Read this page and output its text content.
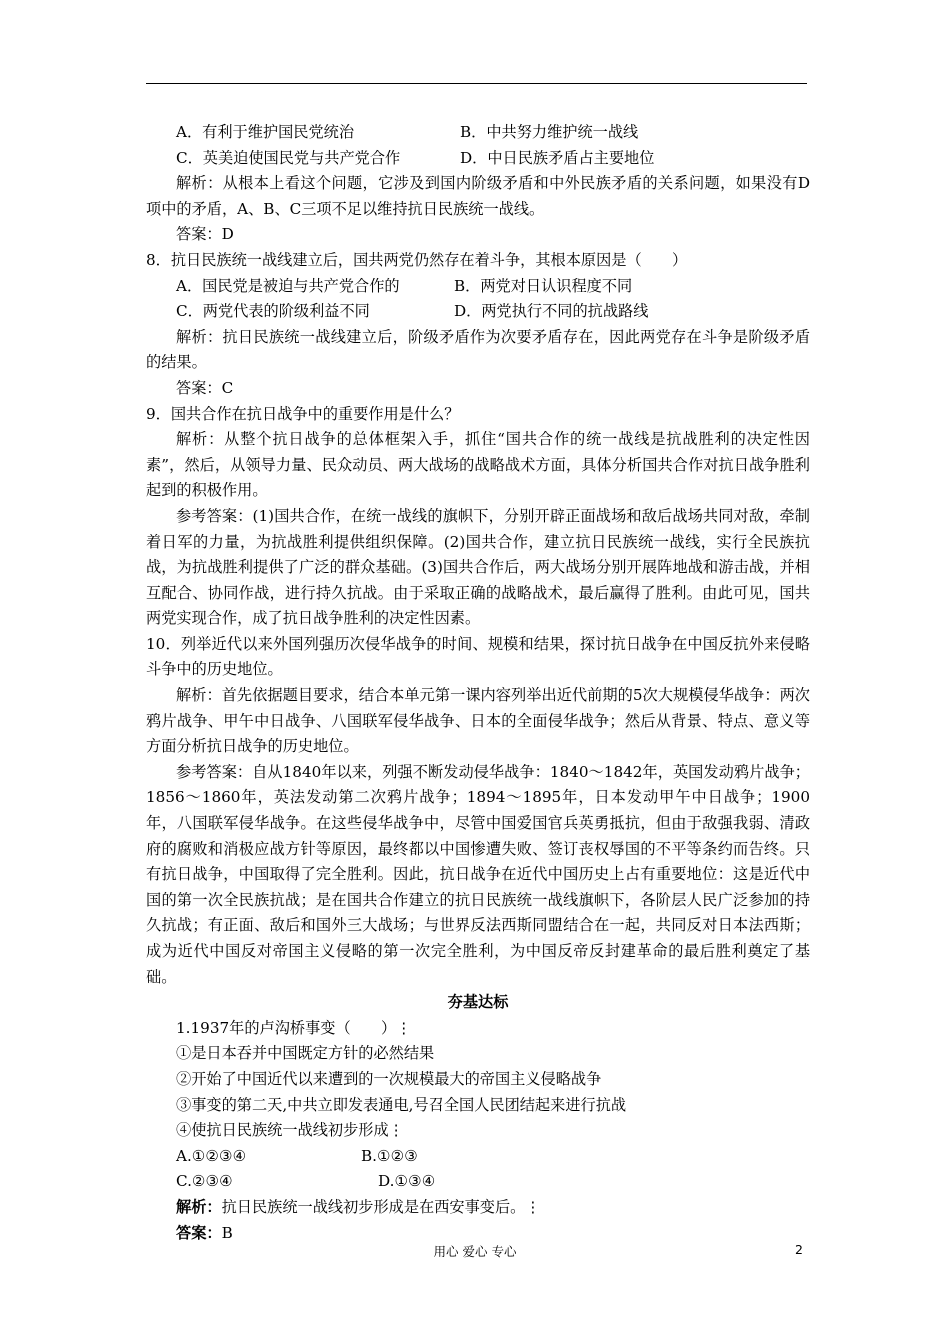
A．有利于维护国民党统治	B．中共努力维护统一战线
C．英美迫使国民党与共产党合作	D．中日民族矛盾占主要地位

解析：从根本上看这个问题，它涉及到国内阶级矛盾和中外民族矛盾的关系问题，如果没有D项中的矛盾，A、B、C三项不足以维持抗日民族统一战线。

答案：D

8．抗日民族统一战线建立后，国共两党仍然存在着斗争，其根本原因是（　　）

A．国民党是被迫与共产党合作的	B．两党对日认识程度不同
C．两党代表的阶级利益不同	D．两党执行不同的抗战路线

解析：抗日民族统一战线建立后，阶级矛盾作为次要矛盾存在，因此两党存在斗争是阶级矛盾的结果。

答案：C

9．国共合作在抗日战争中的重要作用是什么？

解析：从整个抗日战争的总体框架入手，抓住“国共合作的统一战线是抗战胜利的决定性因素”，然后，从领导力量、民众动员、两大战场的战略战术方面，具体分析国共合作对抗日战争胜利起到的积极作用。

参考答案：(1)国共合作，在统一战线的旗帜下，分别开辟正面战场和敌后战场共同对敌，牵制着日军的力量，为抗战胜利提供组织保障。(2)国共合作，建立抗日民族统一战线，实行全民族抗战，为抗战胜利提供了广泛的群众基础。(3)国共合作后，两大战场分别开展阵地战和游击战，并相互配合、协同作战，进行持久抗战。由于采取正确的战略战术，最后赢得了胜利。由此可见，国共两党实现合作，成了抗日战争胜利的决定性因素。

10．列举近代以来外国列强历次侵华战争的时间、规模和结果，探讨抗日战争在中国反抗外来侵略斗争中的历史地位。

解析：首先依据题目要求，结合本单元第一课内容列举出近代前期的5次大规模侵华战争：两次鸦片战争、甲午中日战争、八国联军侵华战争、日本的全面侵华战争；然后从背景、特点、意义等方面分析抗日战争的历史地位。

参考答案：自从1840年以来，列强不断发动侵华战争：1840～1842年，英国发动鸦片战争；1856～1860年，英法发动第二次鸦片战争；1894～1895年，日本发动甲午中日战争；1900年，八国联军侵华战争。在这些侵华战争中，尽管中国爱国官兵英勇抵抗，但由于敌强我弱、清政府的腐败和消极应战方针等原因，最终都以中国惨遭失败、签订丧权辱国的不平等条约而告终。只有抗日战争，中国取得了完全胜利。因此，抗日战争在近代中国历史上占有重要地位：这是近代中国的第一次全民族抗战；是在国共合作建立的抗日民族统一战线旗帜下，各阶层人民广泛参加的持久抗战；有正面、敌后和国外三大战场；与世界反法西斯同盟结合在一起，共同反对日本法西斯；成为近代中国反对帝国主义侵略的第一次完全胜利，为中国反帝反封建革命的最后胜利奠定了基础。

夯基达标

1.1937年的卢沟桥事变（　　）⋮

①是日本吞并中国既定方针的必然结果

②开始了中国近代以来遭到的一次规模最大的帝国主义侵略战争

③事变的第二天,中共立即发表通电,号召全国人民团结起来进行抗战

④使抗日民族统一战线初步形成⋮

A.①②③④	B.①②③
C.②③④	D.①③④

解析：抗日民族统一战线初步形成是在西安事变后。⋮

答案：B

用心 爱心 专心	2
